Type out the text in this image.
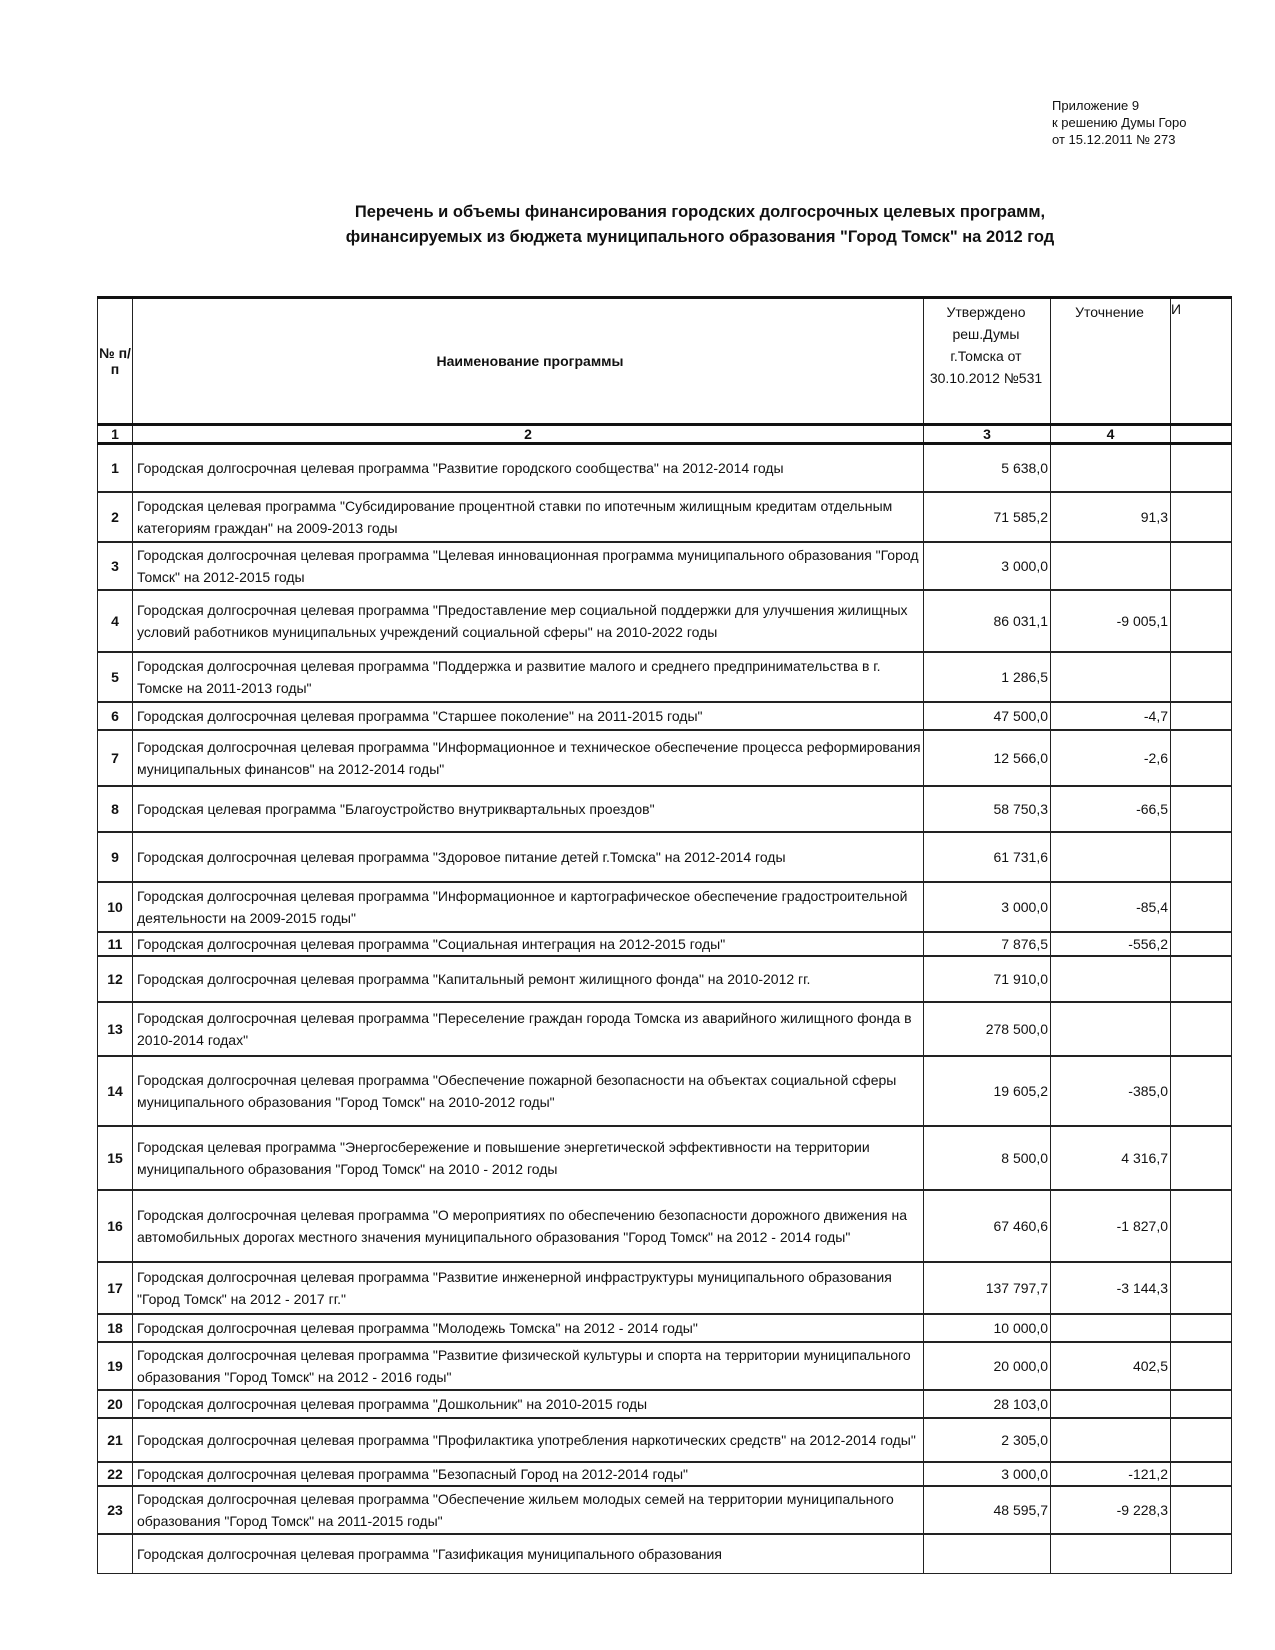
Приложение 9
к решению Думы Горо
от 15.12.2011 № 273
Перечень и объемы финансирования городских долгосрочных целевых программ,
финансируемых из бюджета муниципального образования "Город Томск" на 2012 год
№ п/п	Наименование программы	Утверждено реш.Думы г.Томска от 30.10.2012 №531	Уточнение	И
1	2	3	4	
1	Городская долгосрочная целевая программа "Развитие городского сообщества" на 2012-2014 годы	5 638,0		
2	Городская целевая программа "Субсидирование процентной ставки по ипотечным жилищным кредитам отдельным категориям граждан" на 2009-2013 годы	71 585,2	91,3	
3	Городская долгосрочная целевая программа "Целевая инновационная программа муниципального образования "Город Томск" на 2012-2015 годы	3 000,0		
4	Городская долгосрочная целевая программа "Предоставление мер социальной поддержки для улучшения жилищных условий работников муниципальных учреждений социальной сферы" на 2010-2022 годы	86 031,1	-9 005,1	
5	Городская долгосрочная целевая программа "Поддержка и развитие малого и среднего предпринимательства в г. Томске на 2011-2013 годы"	1 286,5		
6	Городская долгосрочная целевая программа "Старшее поколение" на 2011-2015 годы"	47 500,0	-4,7	
7	Городская долгосрочная целевая программа "Информационное и техническое обеспечение процесса реформирования муниципальных финансов" на 2012-2014 годы"	12 566,0	-2,6	
8	Городская целевая программа "Благоустройство внутриквартальных проездов"	58 750,3	-66,5	
9	Городская долгосрочная целевая программа "Здоровое питание детей г.Томска" на 2012-2014 годы	61 731,6		
10	Городская долгосрочная целевая программа "Информационное и картографическое обеспечение градостроительной деятельности на 2009-2015 годы"	3 000,0	-85,4	
11	Городская долгосрочная целевая программа "Социальная интеграция на 2012-2015 годы"	7 876,5	-556,2	
12	Городская долгосрочная целевая программа "Капитальный ремонт жилищного фонда" на 2010-2012 гг.	71 910,0		
13	Городская долгосрочная целевая программа "Переселение граждан города Томска из аварийного жилищного фонда в 2010-2014 годах"	278 500,0		
14	Городская долгосрочная целевая программа "Обеспечение пожарной безопасности на объектах социальной сферы муниципального образования "Город Томск" на 2010-2012 годы"	19 605,2	-385,0	
15	Городская целевая программа "Энергосбережение и повышение энергетической эффективности на территории муниципального образования "Город Томск" на 2010 - 2012 годы	8 500,0	4 316,7	
16	Городская долгосрочная целевая программа "О мероприятиях по обеспечению безопасности дорожного движения на автомобильных дорогах местного значения муниципального образования "Город Томск" на 2012 - 2014 годы"	67 460,6	-1 827,0	
17	Городская долгосрочная целевая программа "Развитие инженерной инфраструктуры муниципального образования "Город Томск" на 2012 - 2017 гг."	137 797,7	-3 144,3	
18	Городская долгосрочная целевая программа "Молодежь Томска" на 2012 - 2014 годы"	10 000,0		
19	Городская долгосрочная целевая программа "Развитие физической культуры и спорта на территории муниципального образования "Город Томск" на 2012 - 2016 годы"	20 000,0	402,5	
20	Городская долгосрочная целевая программа "Дошкольник" на 2010-2015 годы	28 103,0		
21	Городская долгосрочная целевая программа "Профилактика употребления наркотических средств" на 2012-2014 годы"	2 305,0		
22	Городская долгосрочная целевая программа "Безопасный Город на 2012-2014 годы"	3 000,0	-121,2	
23	Городская долгосрочная целевая программа "Обеспечение жильем молодых семей на территории муниципального образования "Город Томск" на 2011-2015 годы"	48 595,7	-9 228,3	
	Городская долгосрочная целевая программа "Газификация муниципального образования			
